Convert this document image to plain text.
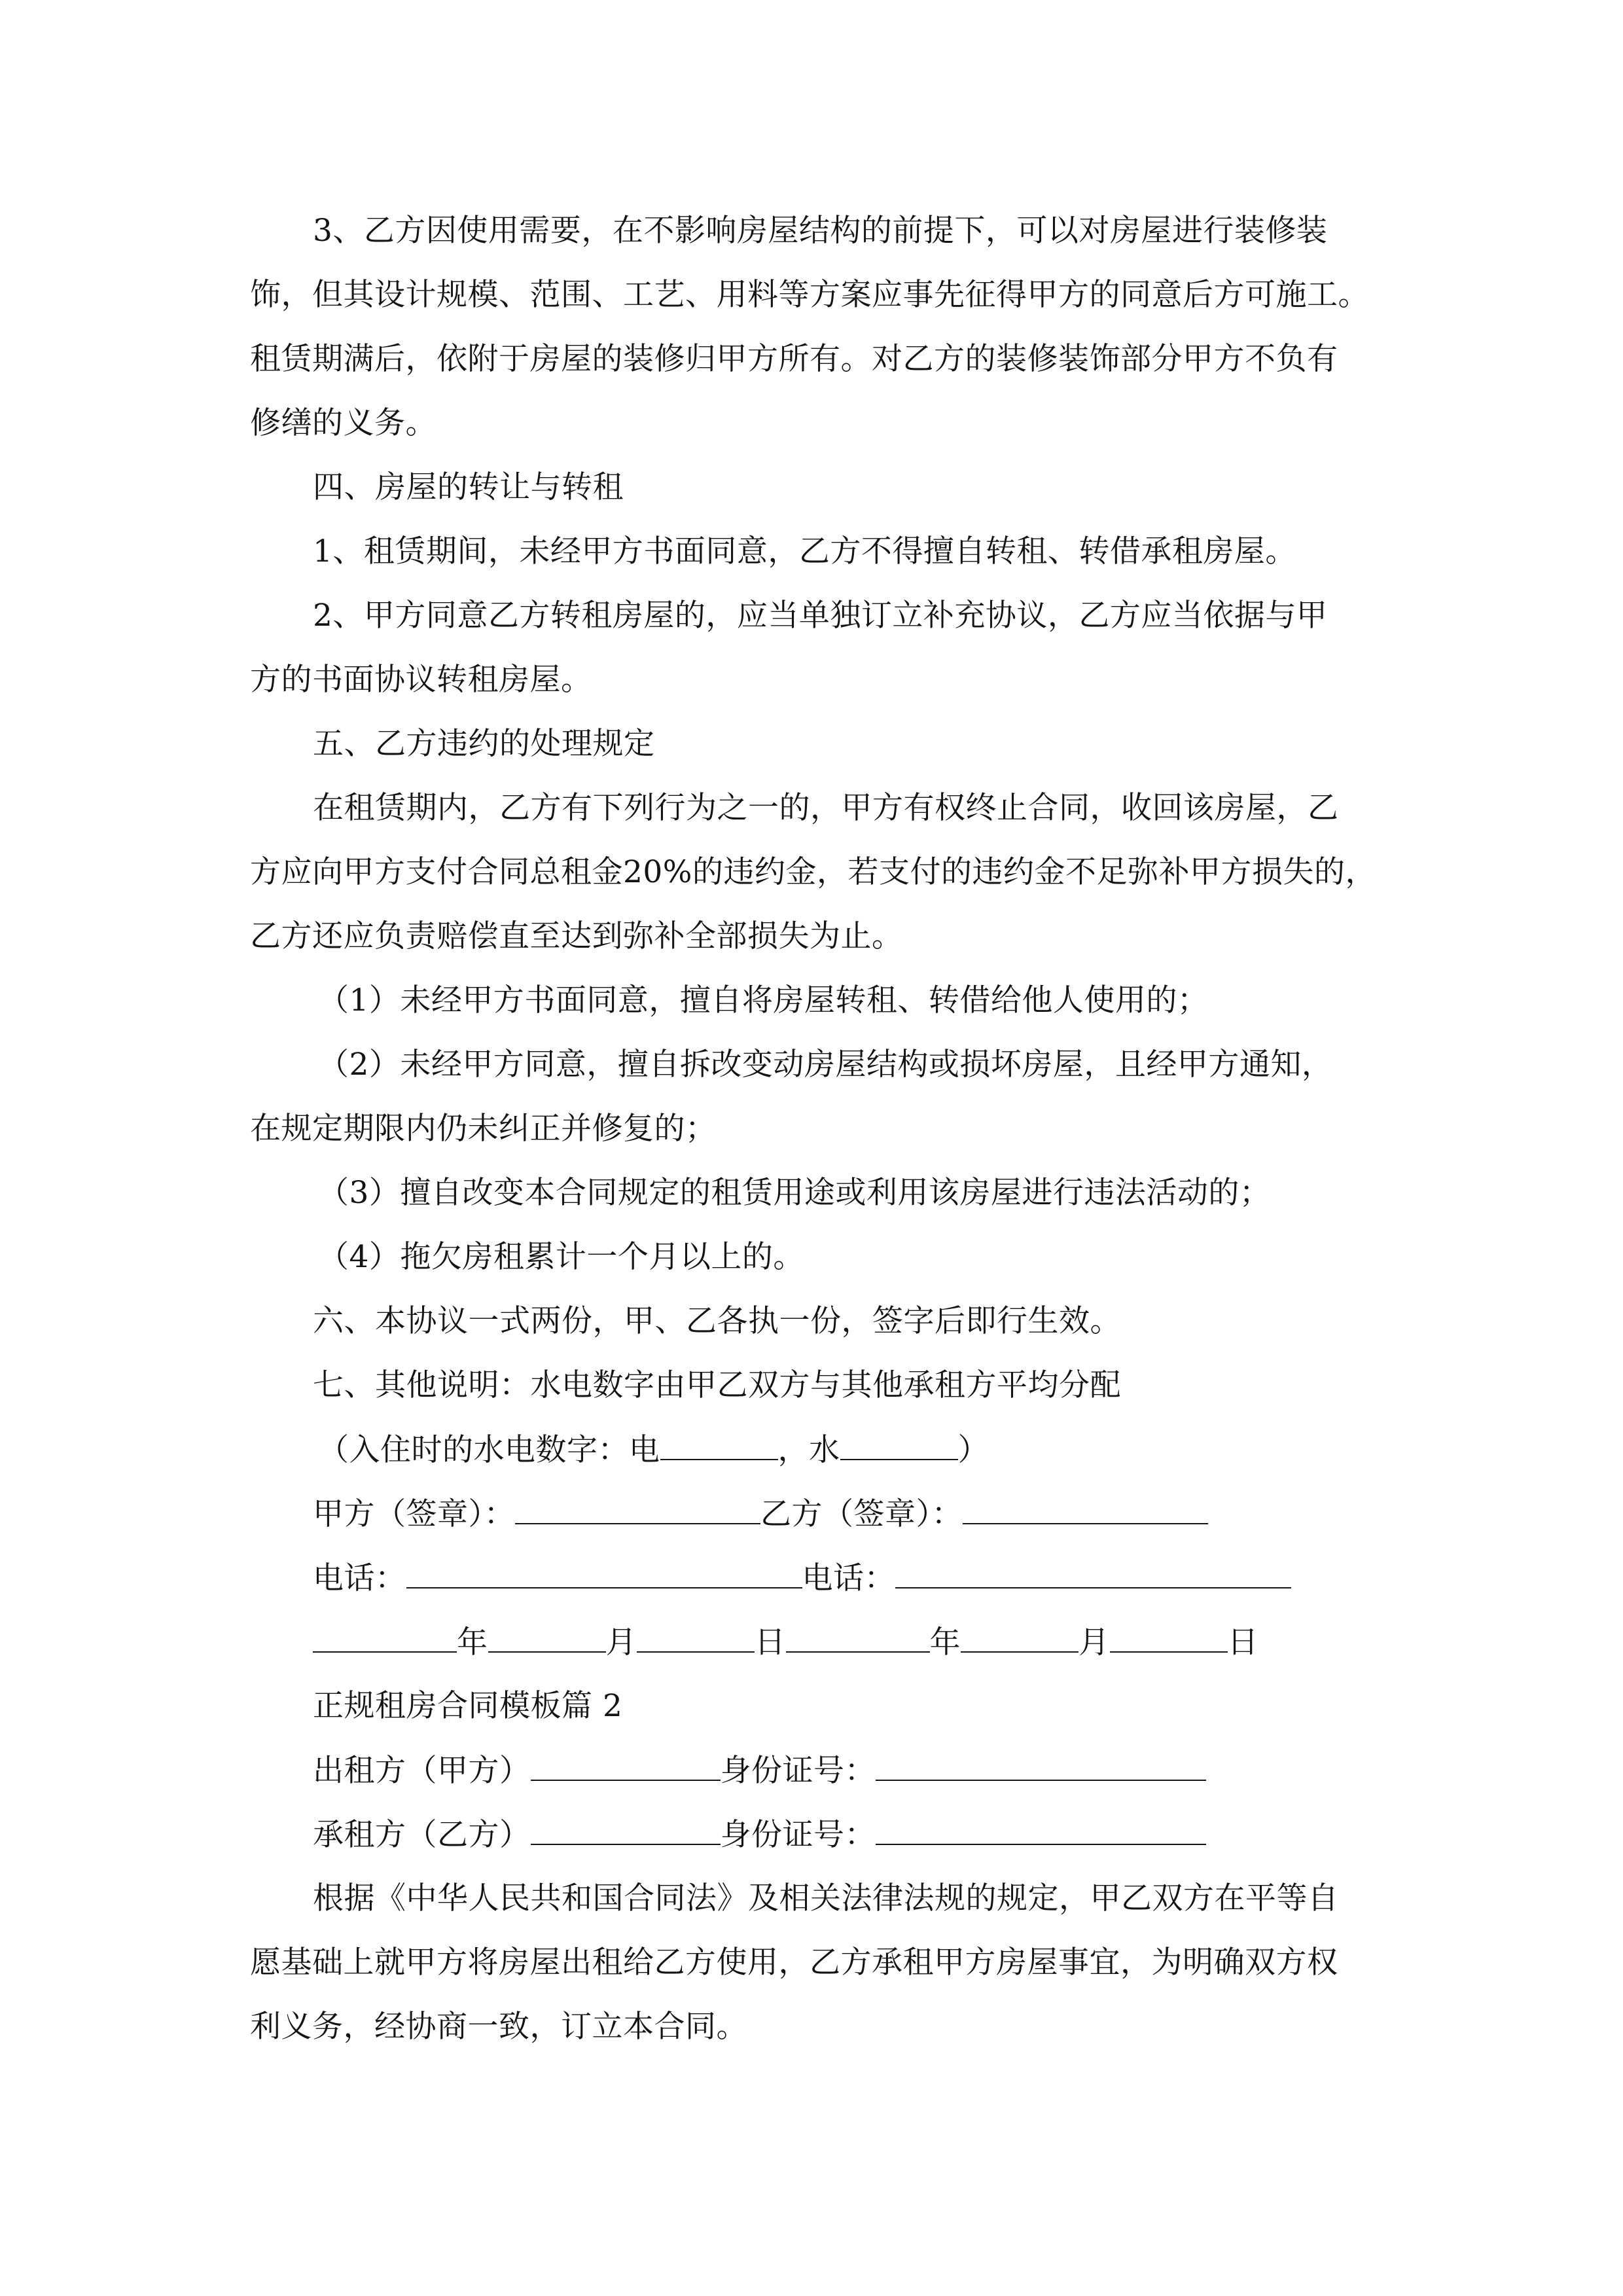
3、乙方因使用需要，在不影响房屋结构的前提下，可以对房屋进行装修装
饰，但其设计规模、范围、工艺、用料等方案应事先征得甲方的同意后方可施工。
租赁期满后，依附于房屋的装修归甲方所有。对乙方的装修装饰部分甲方不负有
修缮的义务。
四、房屋的转让与转租
1、租赁期间，未经甲方书面同意，乙方不得擅自转租、转借承租房屋。
2、甲方同意乙方转租房屋的，应当单独订立补充协议，乙方应当依据与甲
方的书面协议转租房屋。
五、乙方违约的处理规定
在租赁期内，乙方有下列行为之一的，甲方有权终止合同，收回该房屋，乙
方应向甲方支付合同总租金20%的违约金，若支付的违约金不足弥补甲方损失的，
乙方还应负责赔偿直至达到弥补全部损失为止。
（1）未经甲方书面同意，擅自将房屋转租、转借给他人使用的；
（2）未经甲方同意，擅自拆改变动房屋结构或损坏房屋，且经甲方通知，
在规定期限内仍未纠正并修复的；
（3）擅自改变本合同规定的租赁用途或利用该房屋进行违法活动的；
（4）拖欠房租累计一个月以上的。
六、本协议一式两份，甲、乙各执一份，签字后即行生效。
七、其他说明：水电数字由甲乙双方与其他承租方平均分配
（入住时的水电数字：电	，水	）
甲方（签章）：	乙方（签章）：
电话：	电话：
年	月	日	年	月	日
正规租房合同模板篇 2
出租方（甲方）	身份证号：
承租方（乙方）	身份证号：
根据《中华人民共和国合同法》及相关法律法规的规定，甲乙双方在平等自
愿基础上就甲方将房屋出租给乙方使用，乙方承租甲方房屋事宜，为明确双方权
利义务，经协商一致，订立本合同。
